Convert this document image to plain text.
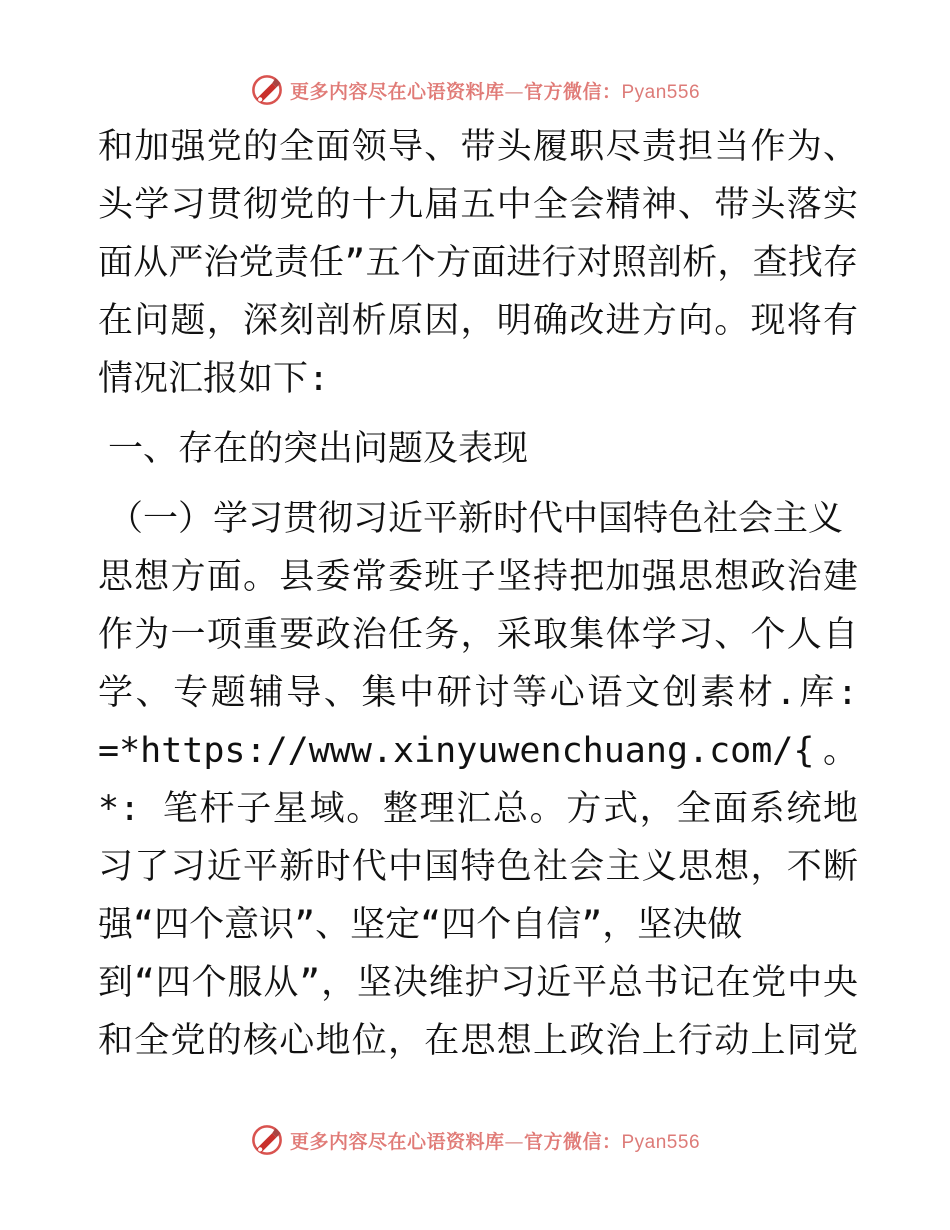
更多内容尽在心语资料库—官方微信：Pyan556
和加强党的全面领导、带头履职尽责担当作为、
头学习贯彻党的十九届五中全会精神、带头落实
面从严治党责任”五个方面进行对照剖析，查找存
在问题，深刻剖析原因，明确改进方向。现将有
情况汇报如下:
一、存在的突出问题及表现
（一）学习贯彻习近平新时代中国特色社会主义
思想方面。县委常委班子坚持把加强思想政治建
作为一项重要政治任务，采取集体学习、个人自
学、专题辅导、集中研讨等心语文创素材.库:
=*https://www.xinyuwenchuang.com/{。
*: 笔杆子星域。整理汇总。方式，全面系统地
习了习近平新时代中国特色社会主义思想，不断
强“四个意识”、坚定“四个自信”，坚决做
到“四个服从”，坚决维护习近平总书记在党中央
和全党的核心地位，在思想上政治上行动上同党
更多内容尽在心语资料库—官方微信：Pyan556
